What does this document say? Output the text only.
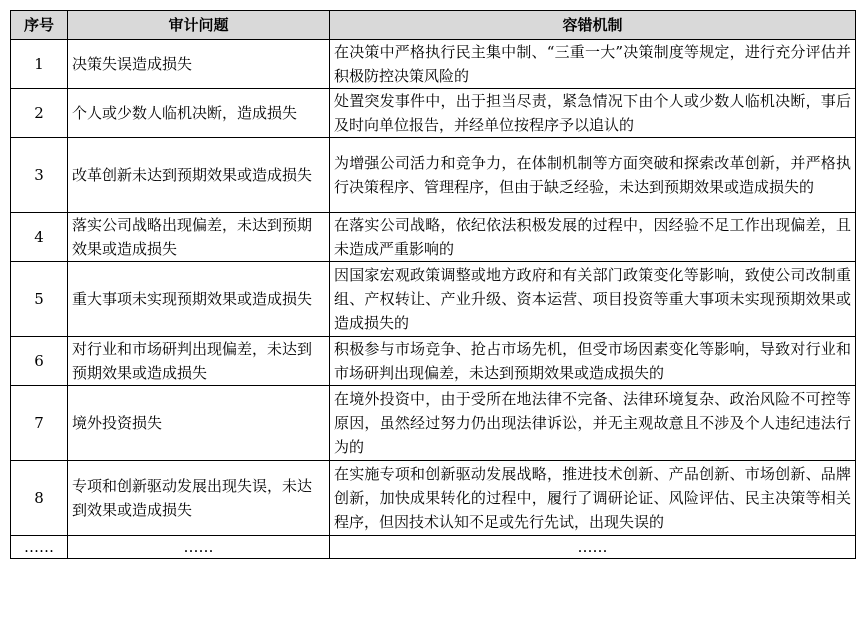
序号	审计问题	容错机制
1	决策失误造成损失	在决策中严格执行民主集中制、“三重一大”决策制度等规定，进行充分评估并积极防控决策风险的
2	个人或少数人临机决断，造成损失	处置突发事件中，出于担当尽责，紧急情况下由个人或少数人临机决断，事后及时向单位报告，并经单位按程序予以追认的
3	改革创新未达到预期效果或造成损失	为增强公司活力和竞争力，在体制机制等方面突破和探索改革创新，并严格执行决策程序、管理程序，但由于缺乏经验，未达到预期效果或造成损失的
4	落实公司战略出现偏差，未达到预期效果或造成损失	在落实公司战略，依纪依法积极发展的过程中，因经验不足工作出现偏差，且未造成严重影响的
5	重大事项未实现预期效果或造成损失	因国家宏观政策调整或地方政府和有关部门政策变化等影响，致使公司改制重组、产权转让、产业升级、资本运营、项目投资等重大事项未实现预期效果或造成损失的
6	对行业和市场研判出现偏差，未达到预期效果或造成损失	积极参与市场竞争、抢占市场先机，但受市场因素变化等影响，导致对行业和市场研判出现偏差，未达到预期效果或造成损失的
7	境外投资损失	在境外投资中，由于受所在地法律不完备、法律环境复杂、政治风险不可控等原因，虽然经过努力仍出现法律诉讼，并无主观故意且不涉及个人违纪违法行为的
8	专项和创新驱动发展出现失误，未达到效果或造成损失	在实施专项和创新驱动发展战略，推进技术创新、产品创新、市场创新、品牌创新，加快成果转化的过程中，履行了调研论证、风险评估、民主决策等相关程序，但因技术认知不足或先行先试，出现失误的
……	……	……
